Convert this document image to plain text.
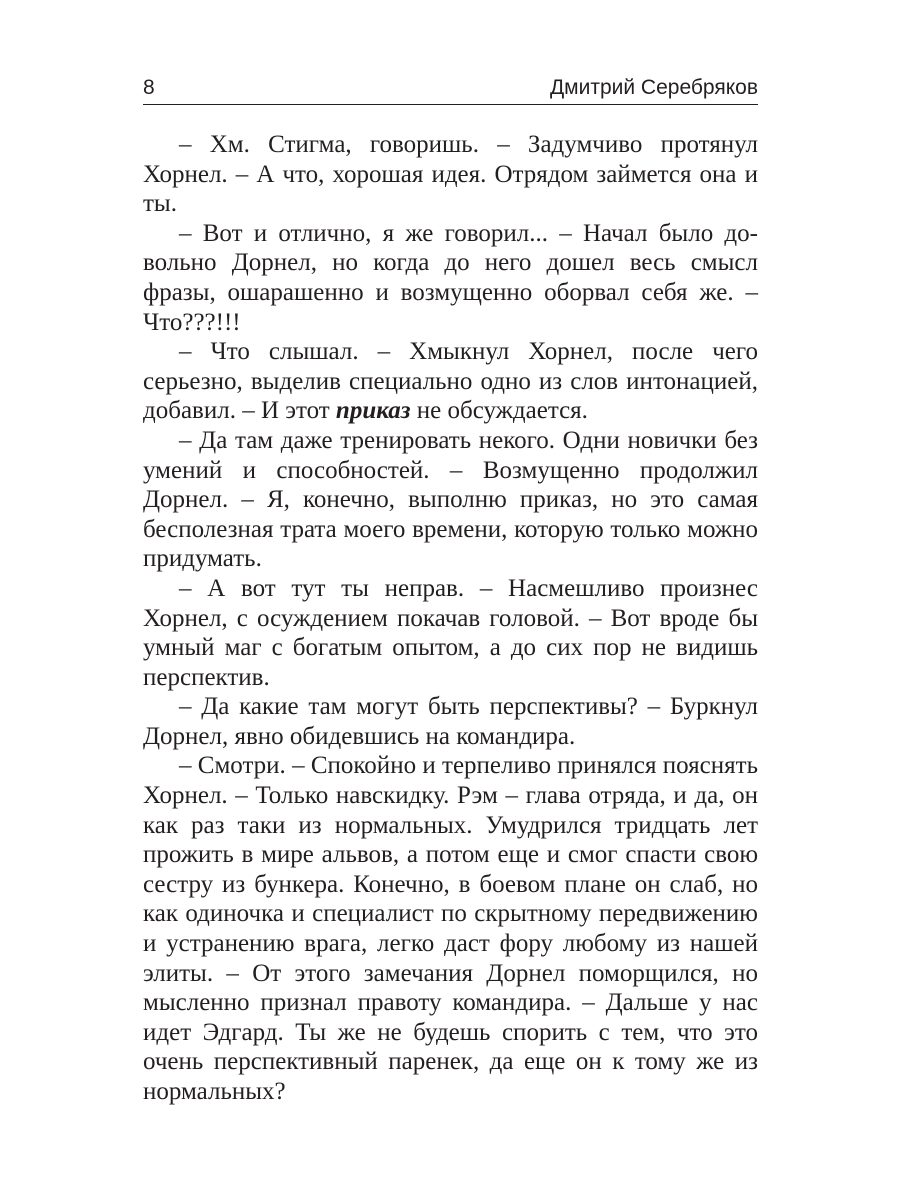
8	Дмитрий Серебряков

– Хм. Стигма, говоришь. – Задумчиво протянул Хорнел. – А что, хорошая идея. Отрядом займется она и ты.

– Вот и отлично, я же говорил... – Начал было довольно Дорнел, но когда до него дошел весь смысл фразы, ошарашенно и возмущенно оборвал себя же. – Что???!!!

– Что слышал. – Хмыкнул Хорнел, после чего серьезно, выделив специально одно из слов интонацией, добавил. – И этот приказ не обсуждается.

– Да там даже тренировать некого. Одни новички без умений и способностей. – Возмущенно продолжил Дорнел. – Я, конечно, выполню приказ, но это самая бесполезная трата моего времени, которую только можно придумать.

– А вот тут ты неправ. – Насмешливо произнес Хорнел, с осуждением покачав головой. – Вот вроде бы умный маг с богатым опытом, а до сих пор не видишь перспектив.

– Да какие там могут быть перспективы? – Буркнул Дорнел, явно обидевшись на командира.

– Смотри. – Спокойно и терпеливо принялся пояснять Хорнел. – Только навскидку. Рэм – глава отряда, и да, он как раз таки из нормальных. Умудрился тридцать лет прожить в мире альвов, а потом еще и смог спасти свою сестру из бункера. Конечно, в боевом плане он слаб, но как одиночка и специалист по скрытному передвижению и устранению врага, легко даст фору любому из нашей элиты. – От этого замечания Дорнел поморщился, но мысленно признал правоту командира. – Дальше у нас идет Эдгард. Ты же не будешь спорить с тем, что это очень перспективный паренек, да еще он к тому же из нормальных?
